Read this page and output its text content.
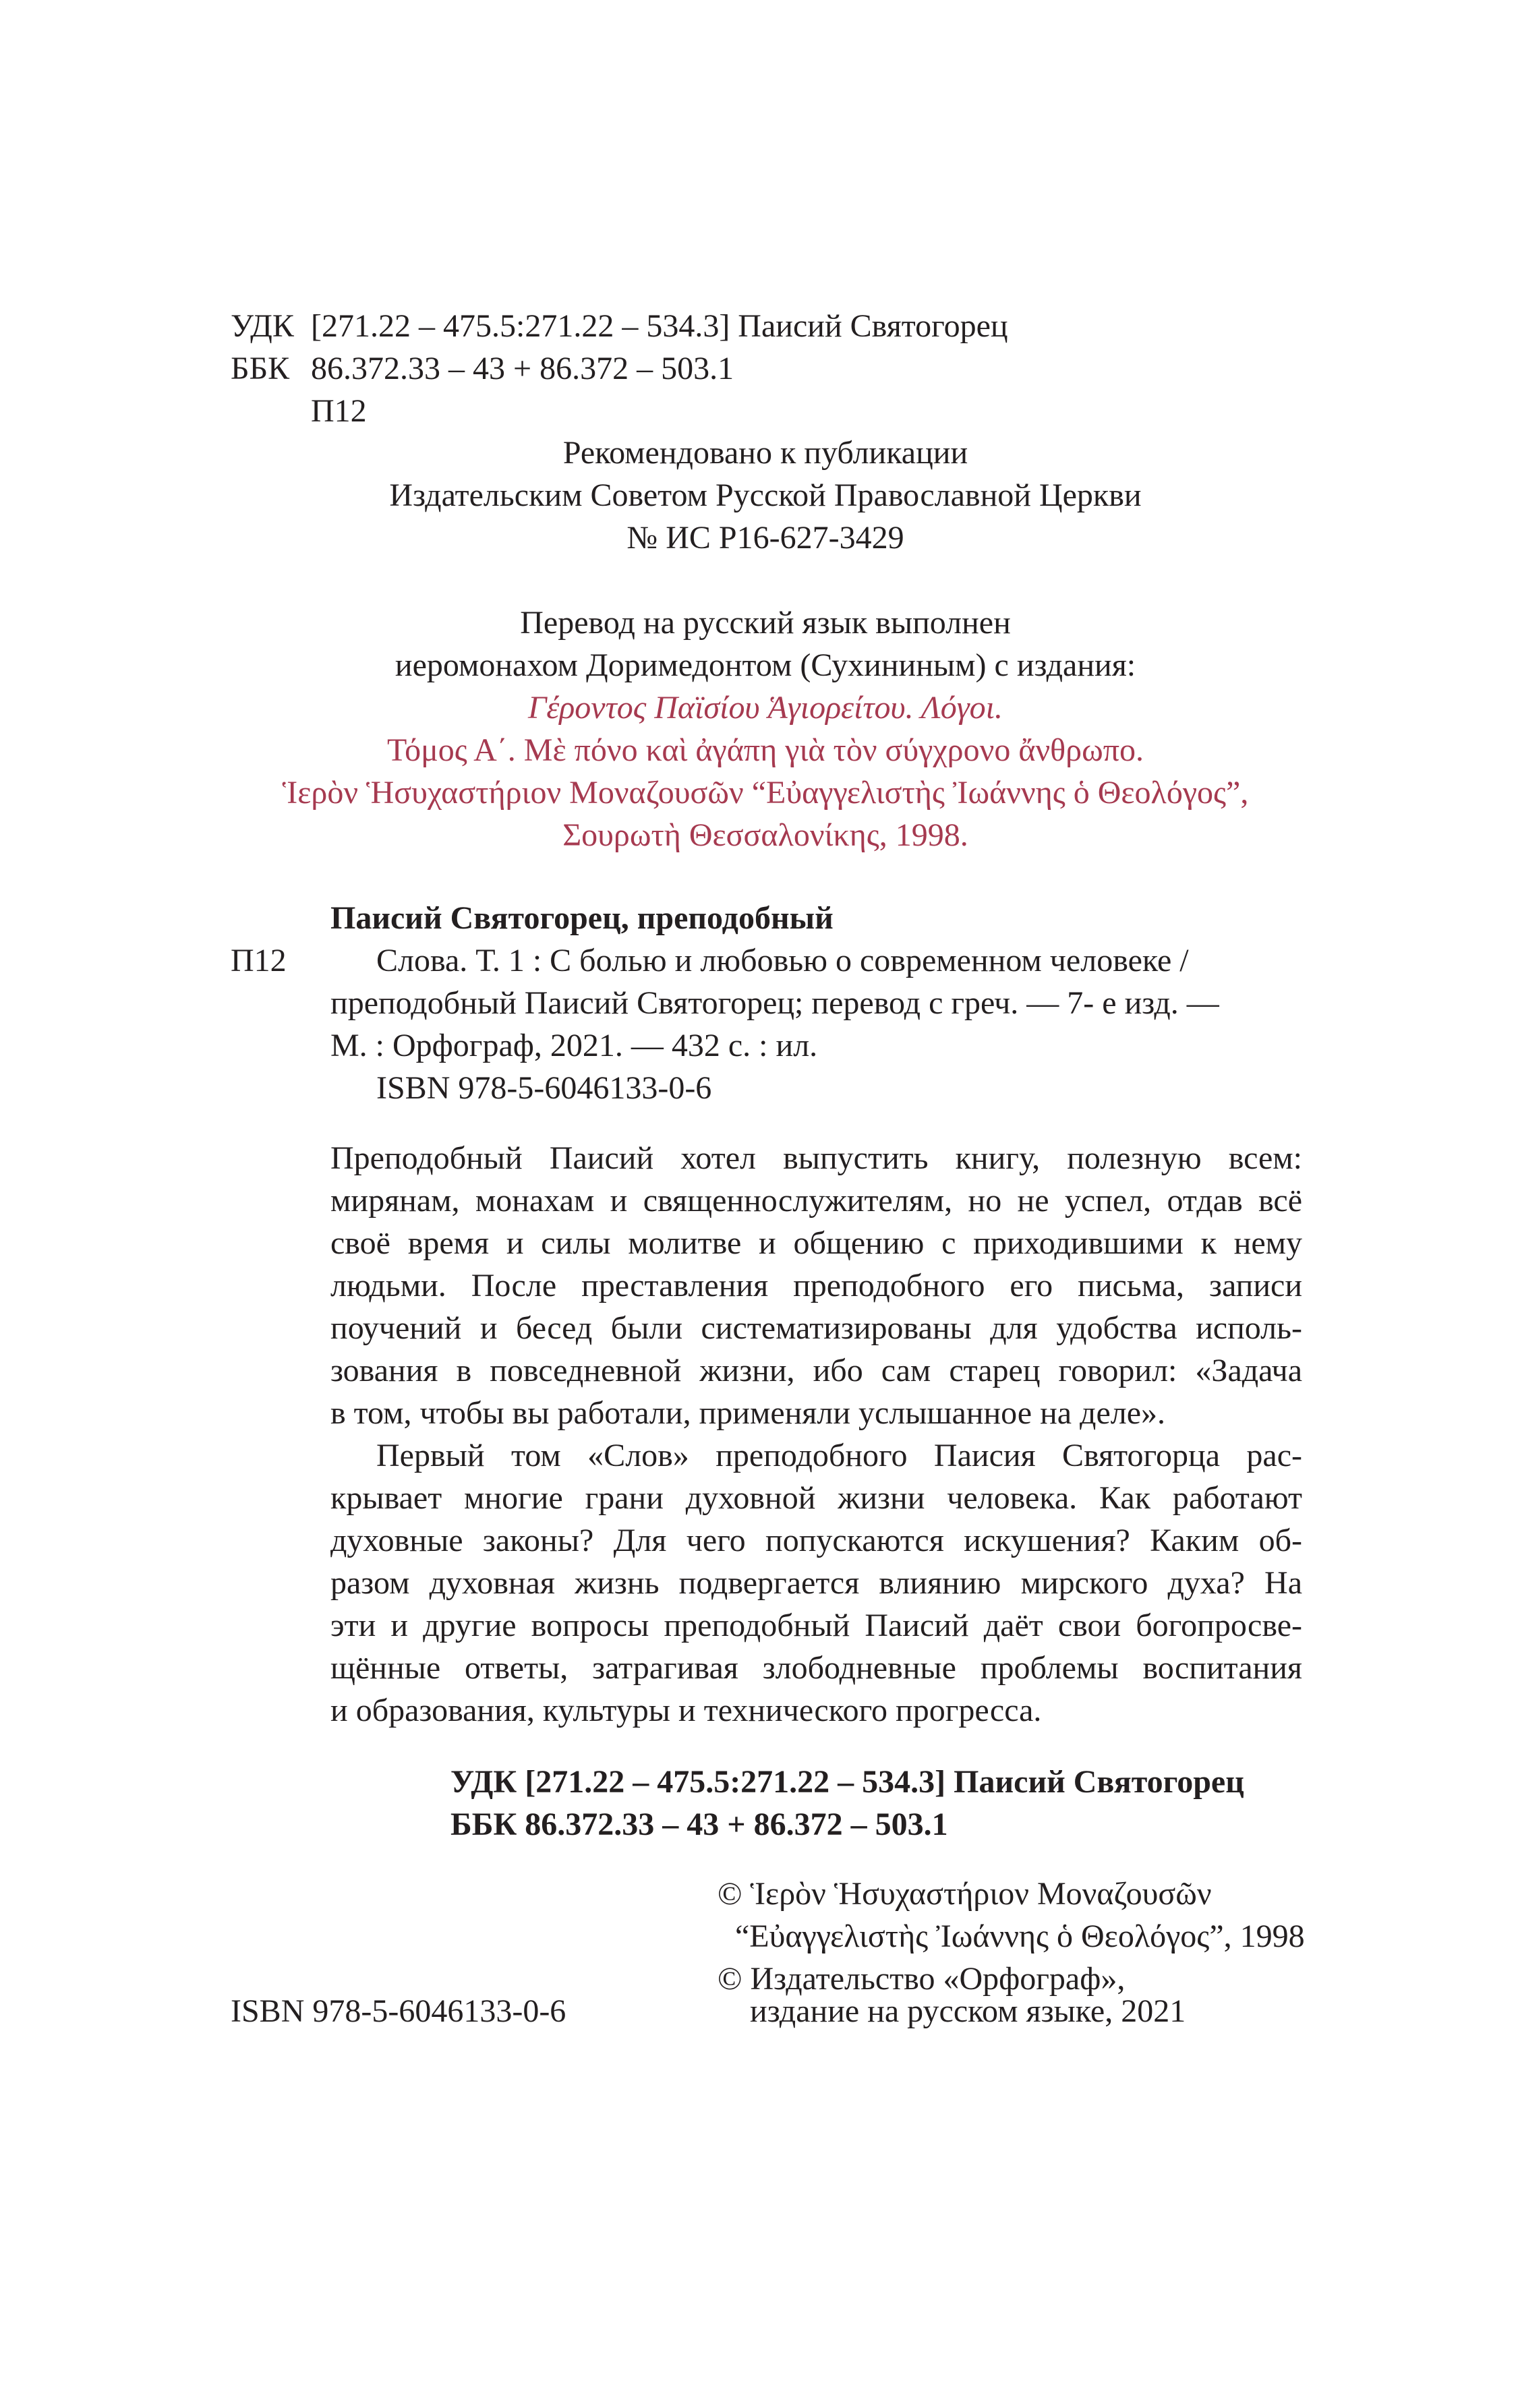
УДК [271.22 – 475.5:271.22 – 534.3] Паисий Святогорец
ББК 86.372.33 – 43 + 86.372 – 503.1
П12
Рекомендовано к публикации
Издательским Советом Русской Православной Церкви
№ ИС Р16-627-3429
Перевод на русский язык выполнен
иеромонахом Доримедонтом (Сухининым) с издания:
Γέροντος Παϊσίου Ἁγιορείτου. Λόγοι.
Τόμος Α΄. Μὲ πόνο καὶ ἀγάπη γιὰ τὸν σύγχρονο ἄνθρωπο.
Ἱερὸν Ἡσυχαστήριον Μοναζουσῶν “Εὐαγγελιστὴς Ἰωάννης ὁ Θεολόγος”,
Σουρωτὴ Θεσσαλονίκης, 1998.
Паисий Святогорец, преподобный
П12	Слова. Т. 1 : С болью и любовью о современном человеке /
преподобный Паисий Святогорец; перевод с греч. — 7- е изд. —
М. : Орфограф, 2021. — 432 с. : ил.
ISBN 978-5-6046133-0-6
Преподобный Паисий хотел выпустить книгу, полезную всем:
мирянам, монахам и священнослужителям, но не успел, отдав всё
своё время и силы молитве и общению с приходившими к нему
людьми. После преставления преподобного его письма, записи
поучений и бесед были систематизированы для удобства исполь-
зования в повседневной жизни, ибо сам старец говорил: «Задача
в том, чтобы вы работали, применяли услышанное на деле».
Первый том «Слов» преподобного Паисия Святогорца рас-
крывает многие грани духовной жизни человека. Как работают
духовные законы? Для чего попускаются искушения? Каким об-
разом духовная жизнь подвергается влиянию мирского духа? На
эти и другие вопросы преподобный Паисий даёт свои богопросве-
щённые ответы, затрагивая злободневные проблемы воспитания
и образования, культуры и технического прогресса.
УДК [271.22 – 475.5:271.22 – 534.3] Паисий Святогорец
ББК 86.372.33 – 43 + 86.372 – 503.1
© Ἱερὸν Ἡσυχαστήριον Μοναζουσῶν
“Εὐαγγελιστὴς Ἰωάννης ὁ Θεολόγος”, 1998
© Издательство «Орфограф»,
издание на русском языке, 2021
ISBN 978-5-6046133-0-6
